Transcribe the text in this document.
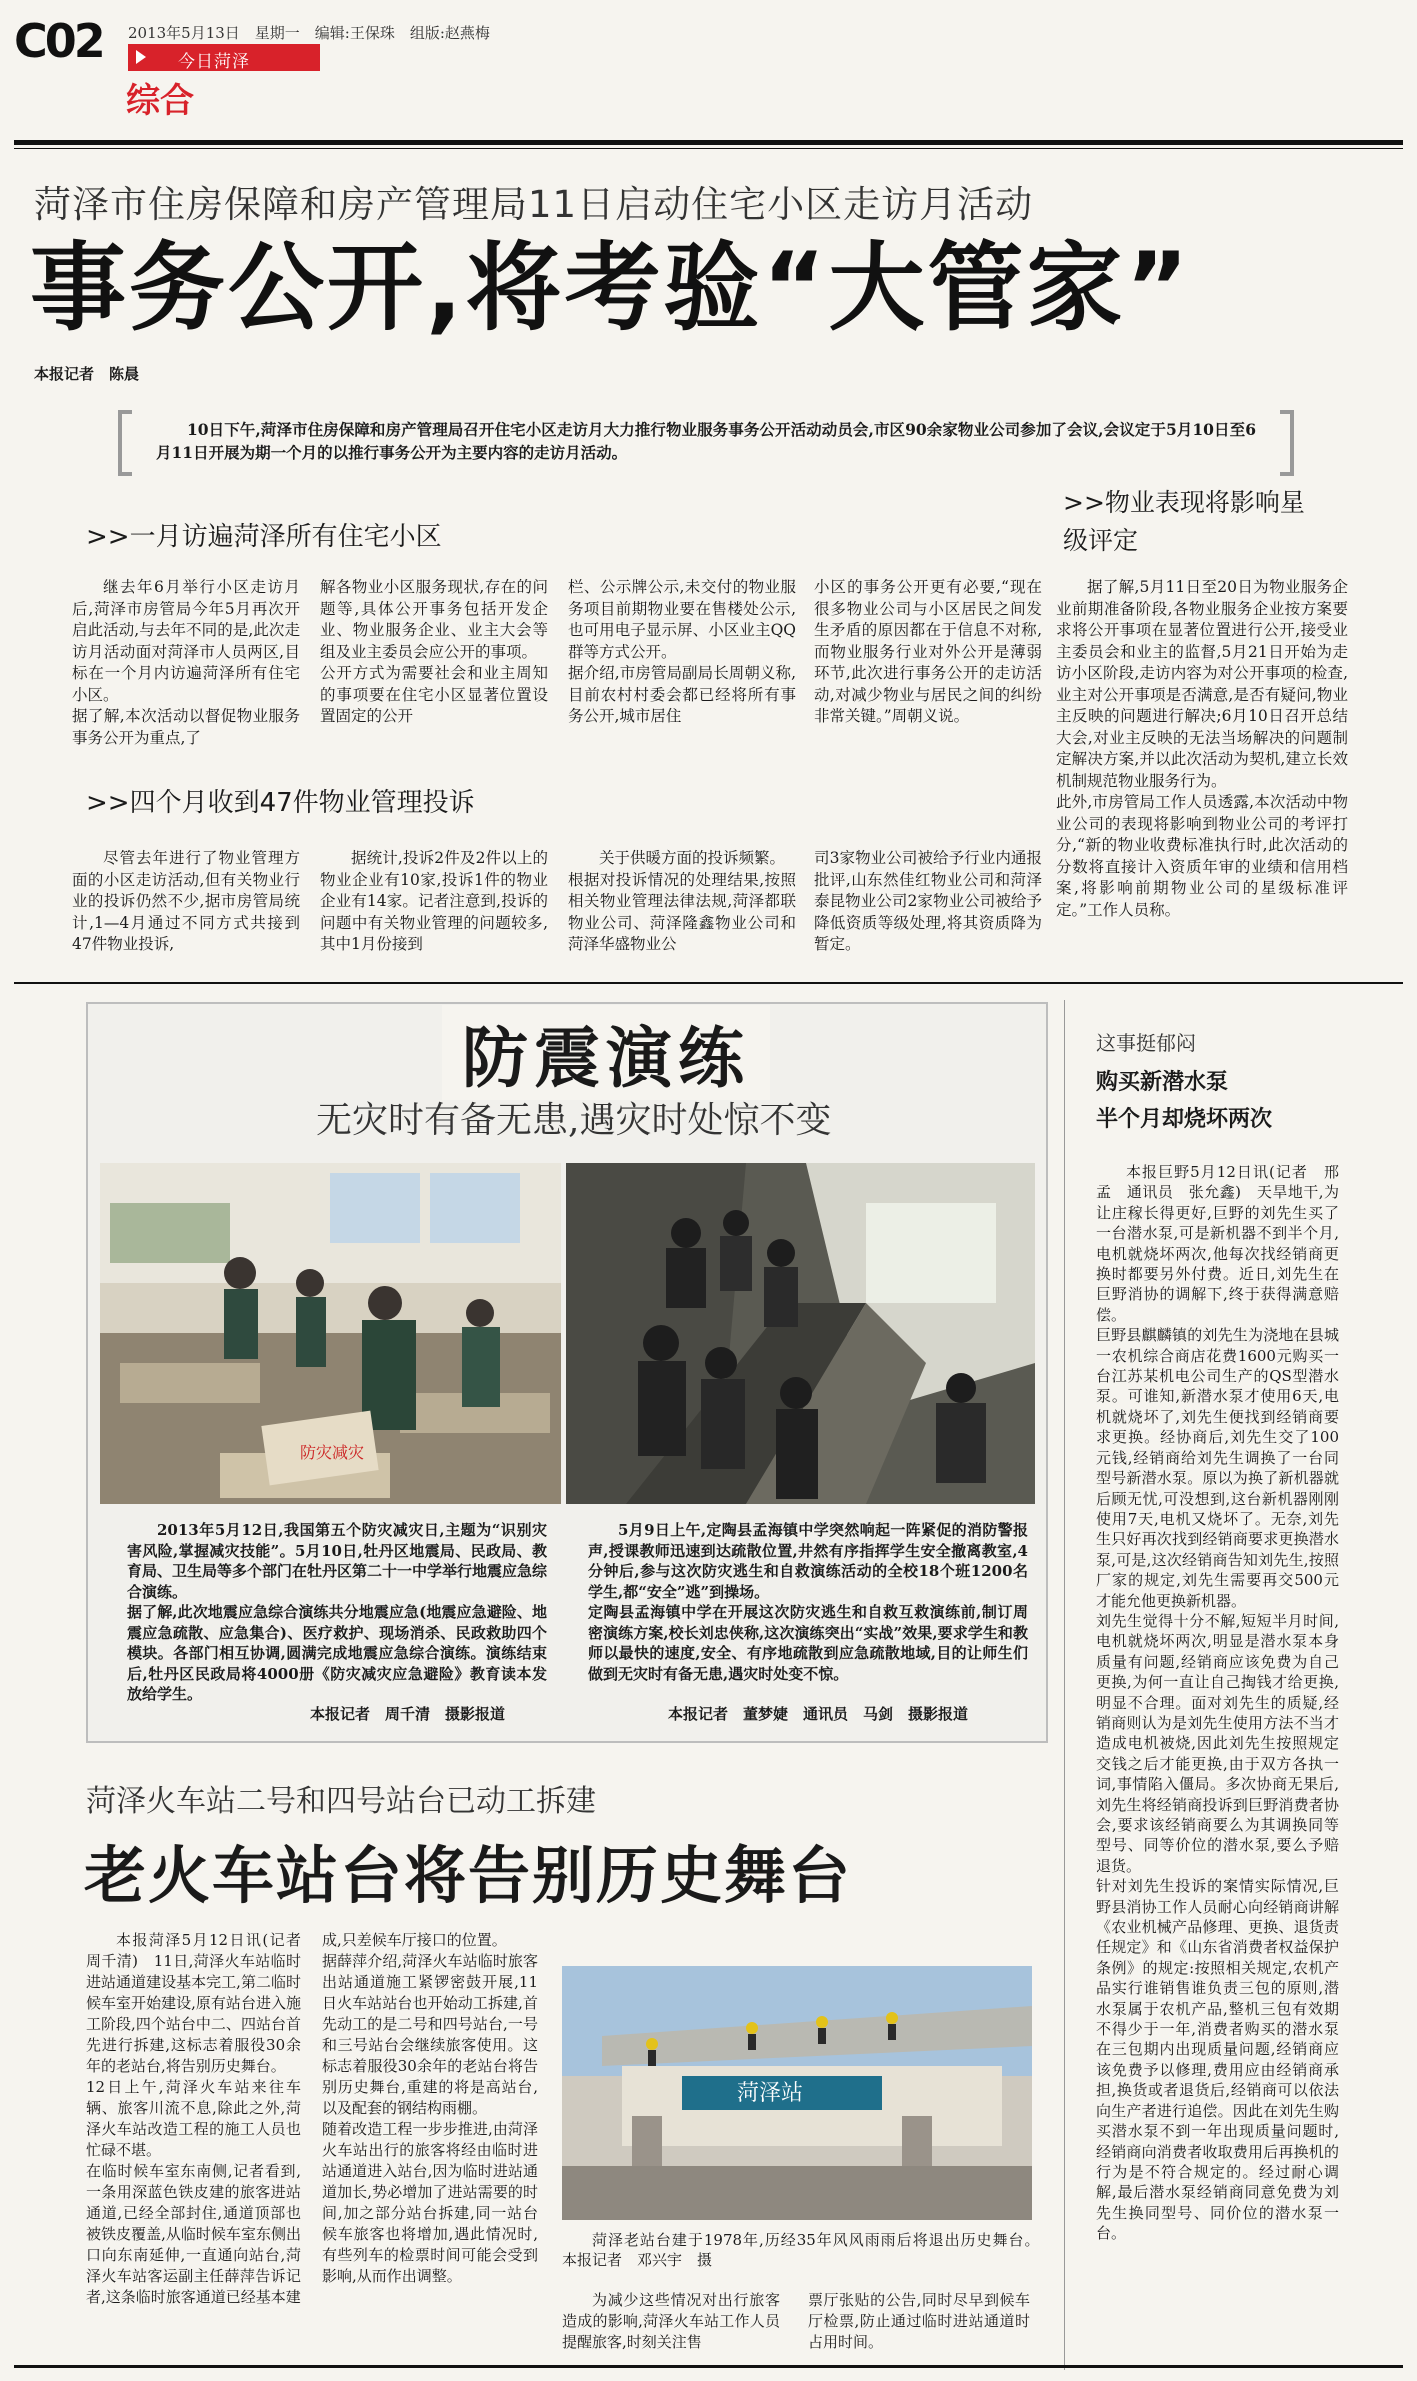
C02 2013年5月13日　星期一　编辑:王保珠　组版:赵燕梅
今日菏泽
综合
菏泽市住房保障和房产管理局11日启动住宅小区走访月活动
事务公开,将考验“大管家”
本报记者　陈晨
10日下午,菏泽市住房保障和房产管理局召开住宅小区走访月大力推行物业服务事务公开活动动员会,市区90余家物业公司参加了会议,会议定于5月10日至6月11日开展为期一个月的以推行事务公开为主要内容的走访月活动。
>>一月访遍菏泽所有住宅小区
继去年6月举行小区走访月后,菏泽市房管局今年5月再次开启此活动,与去年不同的是,此次走访月活动面对菏泽市人员两区,目标在一个月内访遍菏泽所有住宅小区。
据了解,本次活动以督促物业服务事务公开为重点,了
解各物业小区服务现状,存在的问题等,具体公开事务包括开发企业、物业服务企业、业主大会等组及业主委员会应公开的事项。
公开方式为需要社会和业主周知的事项要在住宅小区显著位置设置固定的公开
栏、公示牌公示,未交付的物业服务项目前期物业要在售楼处公示,也可用电子显示屏、小区业主QQ群等方式公开。
据介绍,市房管局副局长周朝义称,目前农村村委会都已经将所有事务公开,城市居住
小区的事务公开更有必要,“现在很多物业公司与小区居民之间发生矛盾的原因都在于信息不对称,而物业服务行业对外公开是薄弱环节,此次进行事务公开的走访活动,对减少物业与居民之间的纠纷非常关键。”周朝义说。
>>四个月收到47件物业管理投诉
尽管去年进行了物业管理方面的小区走访活动,但有关物业行业的投诉仍然不少,据市房管局统计,1—4月通过不同方式共接到47件物业投诉,
据统计,投诉2件及2件以上的物业企业有10家,投诉1件的物业企业有14家。记者注意到,投诉的问题中有关物业管理的问题较多,其中1月份接到
关于供暖方面的投诉频繁。
根据对投诉情况的处理结果,按照相关物业管理法律法规,菏泽都联物业公司、菏泽隆鑫物业公司和菏泽华盛物业公
司3家物业公司被给予行业内通报批评,山东然佳红物业公司和菏泽泰昆物业公司2家物业公司被给予降低资质等级处理,将其资质降为暂定。
>>物业表现将影响星级评定
据了解,5月11日至20日为物业服务企业前期准备阶段,各物业服务企业按方案要求将公开事项在显著位置进行公开,接受业主委员会和业主的监督,5月21日开始为走访小区阶段,走访内容为对公开事项的检查,业主对公开事项是否满意,是否有疑问,物业主反映的问题进行解决;6月10日召开总结大会,对业主反映的无法当场解决的问题制定解决方案,并以此次活动为契机,建立长效机制规范物业服务行为。
此外,市房管局工作人员透露,本次活动中物业公司的表现将影响到物业公司的考评打分,“新的物业收费标准执行时,此次活动的分数将直接计入资质年审的业绩和信用档案,将影响前期物业公司的星级标准评定。”工作人员称。
防震演练
无灾时有备无患,遇灾时处惊不变
防灾减灾
2013年5月12日,我国第五个防灾减灾日,主题为“识别灾害风险,掌握减灾技能”。5月10日,牡丹区地震局、民政局、教育局、卫生局等多个部门在牡丹区第二十一中学举行地震应急综合演练。
据了解,此次地震应急综合演练共分地震应急(地震应急避险、地震应急疏散、应急集合)、医疗救护、现场消杀、民政救助四个模块。各部门相互协调,圆满完成地震应急综合演练。演练结束后,牡丹区民政局将4000册《防灾减灾应急避险》教育读本发放给学生。
本报记者　周千清　摄影报道
5月9日上午,定陶县孟海镇中学突然响起一阵紧促的消防警报声,授课教师迅速到达疏散位置,井然有序指挥学生安全撤离教室,4分钟后,参与这次防灾逃生和自救演练活动的全校18个班1200名学生,都“安全”逃”到操场。
定陶县孟海镇中学在开展这次防灾逃生和自救互救演练前,制订周密演练方案,校长刘忠侠称,这次演练突出“实战”效果,要求学生和教师以最快的速度,安全、有序地疏散到应急疏散地域,目的让师生们做到无灾时有备无患,遇灾时处变不惊。
本报记者　董梦婕　通讯员　马剑　摄影报道
菏泽火车站二号和四号站台已动工拆建
老火车站台将告别历史舞台
本报菏泽5月12日讯(记者　周千清)　11日,菏泽火车站临时进站通道建设基本完工,第二临时候车室开始建设,原有站台进入施工阶段,四个站台中二、四站台首先进行拆建,这标志着服役30余年的老站台,将告别历史舞台。
12日上午,菏泽火车站来往车辆、旅客川流不息,除此之外,菏泽火车站改造工程的施工人员也忙碌不堪。
在临时候车室东南侧,记者看到,一条用深蓝色铁皮建的旅客进站通道,已经全部封住,通道顶部也被铁皮覆盖,从临时候车室东侧出口向东南延伸,一直通向站台,菏泽火车站客运副主任薛萍告诉记者,这条临时旅客通道已经基本建
成,只差候车厅接口的位置。
据薛萍介绍,菏泽火车站临时旅客出站通道施工紧锣密鼓开展,11日火车站站台也开始动工拆建,首先动工的是二号和四号站台,一号和三号站台会继续旅客使用。这标志着服役30余年的老站台将告别历史舞台,重建的将是高站台,以及配套的钢结构雨棚。
随着改造工程一步步推进,由菏泽火车站出行的旅客将经由临时进站通道进入站台,因为临时进站通道加长,势必增加了进站需要的时间,加之部分站台拆建,同一站台候车旅客也将增加,遇此情况时,有些列车的检票时间可能会受到影响,从而作出调整。
菏泽站
菏泽老站台建于1978年,历经35年风风雨雨后将退出历史舞台。　本报记者　邓兴宇　摄
为减少这些情况对出行旅客造成的影响,菏泽火车站工作人员提醒旅客,时刻关注售
票厅张贴的公告,同时尽早到候车厅检票,防止通过临时进站通道时占用时间。
这事挺郁闷
购买新潜水泵
半个月却烧坏两次
本报巨野5月12日讯(记者　邢孟　通讯员　张允鑫)　天旱地干,为让庄稼长得更好,巨野的刘先生买了一台潜水泵,可是新机器不到半个月,电机就烧坏两次,他每次找经销商更换时都要另外付费。近日,刘先生在巨野消协的调解下,终于获得满意赔偿。
巨野县麒麟镇的刘先生为浇地在县城一农机综合商店花费1600元购买一台江苏某机电公司生产的QS型潜水泵。可谁知,新潜水泵才使用6天,电机就烧坏了,刘先生便找到经销商要求更换。经协商后,刘先生交了100元钱,经销商给刘先生调换了一台同型号新潜水泵。原以为换了新机器就后顾无忧,可没想到,这台新机器刚刚使用7天,电机又烧坏了。无奈,刘先生只好再次找到经销商要求更换潜水泵,可是,这次经销商告知刘先生,按照厂家的规定,刘先生需要再交500元才能允他更换新机器。
刘先生觉得十分不解,短短半月时间,电机就烧坏两次,明显是潜水泵本身质量有问题,经销商应该免费为自己更换,为何一直让自己掏钱才给更换,明显不合理。面对刘先生的质疑,经销商则认为是刘先生使用方法不当才造成电机被烧,因此刘先生按照规定交钱之后才能更换,由于双方各执一词,事情陷入僵局。多次协商无果后,刘先生将经销商投诉到巨野消费者协会,要求该经销商要么为其调换同等型号、同等价位的潜水泵,要么予赔退货。
针对刘先生投诉的案情实际情况,巨野县消协工作人员耐心向经销商讲解《农业机械产品修理、更换、退货责任规定》和《山东省消费者权益保护条例》的规定:按照相关规定,农机产品实行谁销售谁负责三包的原则,潜水泵属于农机产品,整机三包有效期不得少于一年,消费者购买的潜水泵在三包期内出现质量问题,经销商应该免费予以修理,费用应由经销商承担,换货或者退货后,经销商可以依法向生产者进行追偿。因此在刘先生购买潜水泵不到一年出现质量问题时,经销商向消费者收取费用后再换机的行为是不符合规定的。经过耐心调解,最后潜水泵经销商同意免费为刘先生换同型号、同价位的潜水泵一台。
